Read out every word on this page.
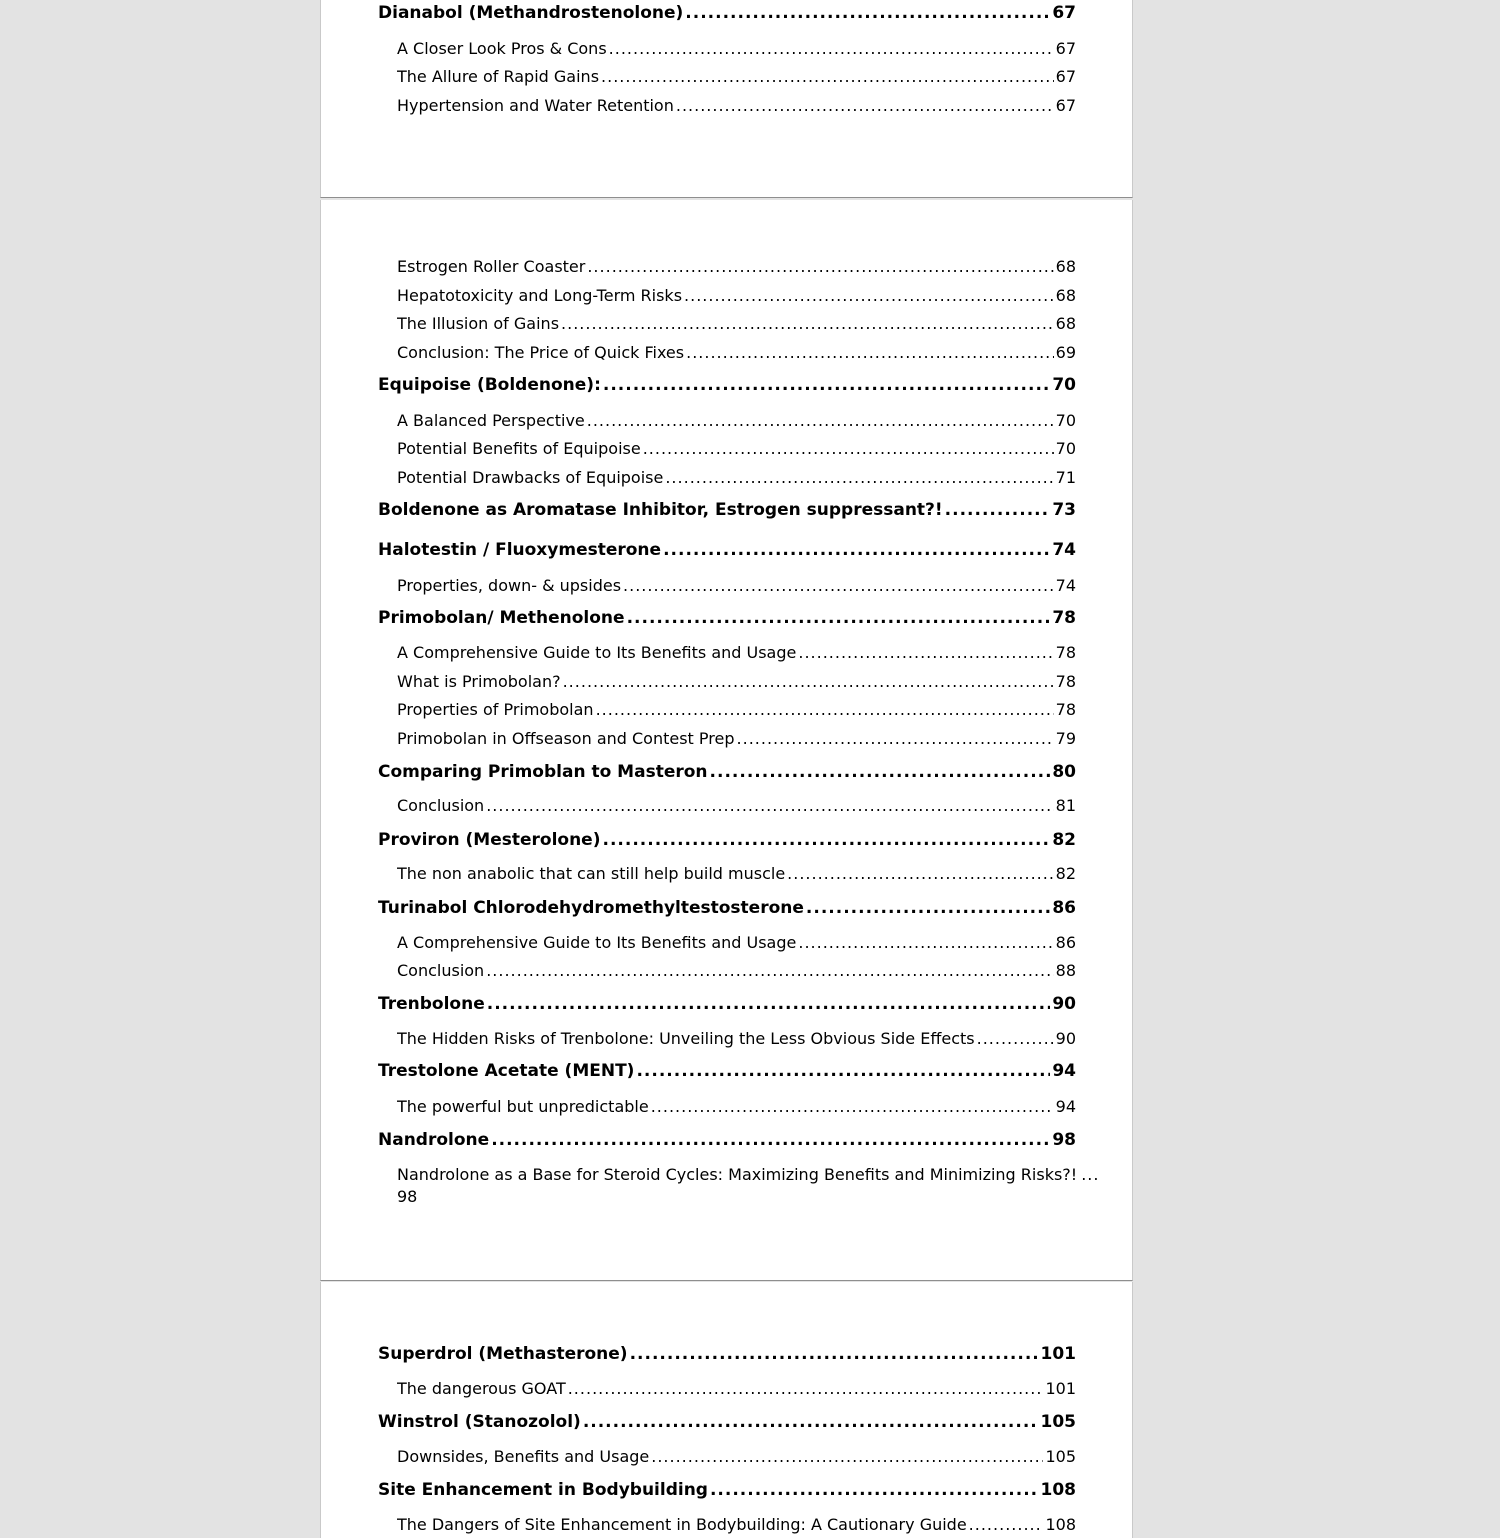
Dianabol (Methandrostenolone) .....	67
A Closer Look Pros & Cons .....	67
The Allure of Rapid Gains .....	67
Hypertension and Water Retention .....	67
Estrogen Roller Coaster .....	68
Hepatotoxicity and Long-Term Risks .....	68
The Illusion of Gains .....	68
Conclusion: The Price of Quick Fixes .....	69
Equipoise (Boldenone): .....	70
A Balanced Perspective .....	70
Potential Benefits of Equipoise .....	70
Potential Drawbacks of Equipoise .....	71
Boldenone as Aromatase Inhibitor, Estrogen suppressant?! .....	73
Halotestin / Fluoxymesterone .....	74
Properties, down- & upsides .....	74
Primobolan/ Methenolone .....	78
A Comprehensive Guide to Its Benefits and Usage .....	78
What is Primobolan? .....	78
Properties of Primobolan .....	78
Primobolan in Offseason and Contest Prep .....	79
Comparing Primoblan to Masteron .....	80
Conclusion .....	81
Proviron (Mesterolone) .....	82
The non anabolic that can still help build muscle .....	82
Turinabol Chlorodehydromethyltestosterone .....	86
A Comprehensive Guide to Its Benefits and Usage .....	86
Conclusion .....	88
Trenbolone .....	90
The Hidden Risks of Trenbolone: Unveiling the Less Obvious Side Effects .....	90
Trestolone Acetate (MENT) .....	94
The powerful but unpredictable .....	94
Nandrolone .....	98
Nandrolone as a Base for Steroid Cycles: Maximizing Benefits and Minimizing Risks?! ...
98
Superdrol (Methasterone) .....	101
The dangerous GOAT .....	101
Winstrol (Stanozolol) .....	105
Downsides, Benefits and Usage .....	105
Site Enhancement in Bodybuilding .....	108
The Dangers of Site Enhancement in Bodybuilding: A Cautionary Guide .....	108
